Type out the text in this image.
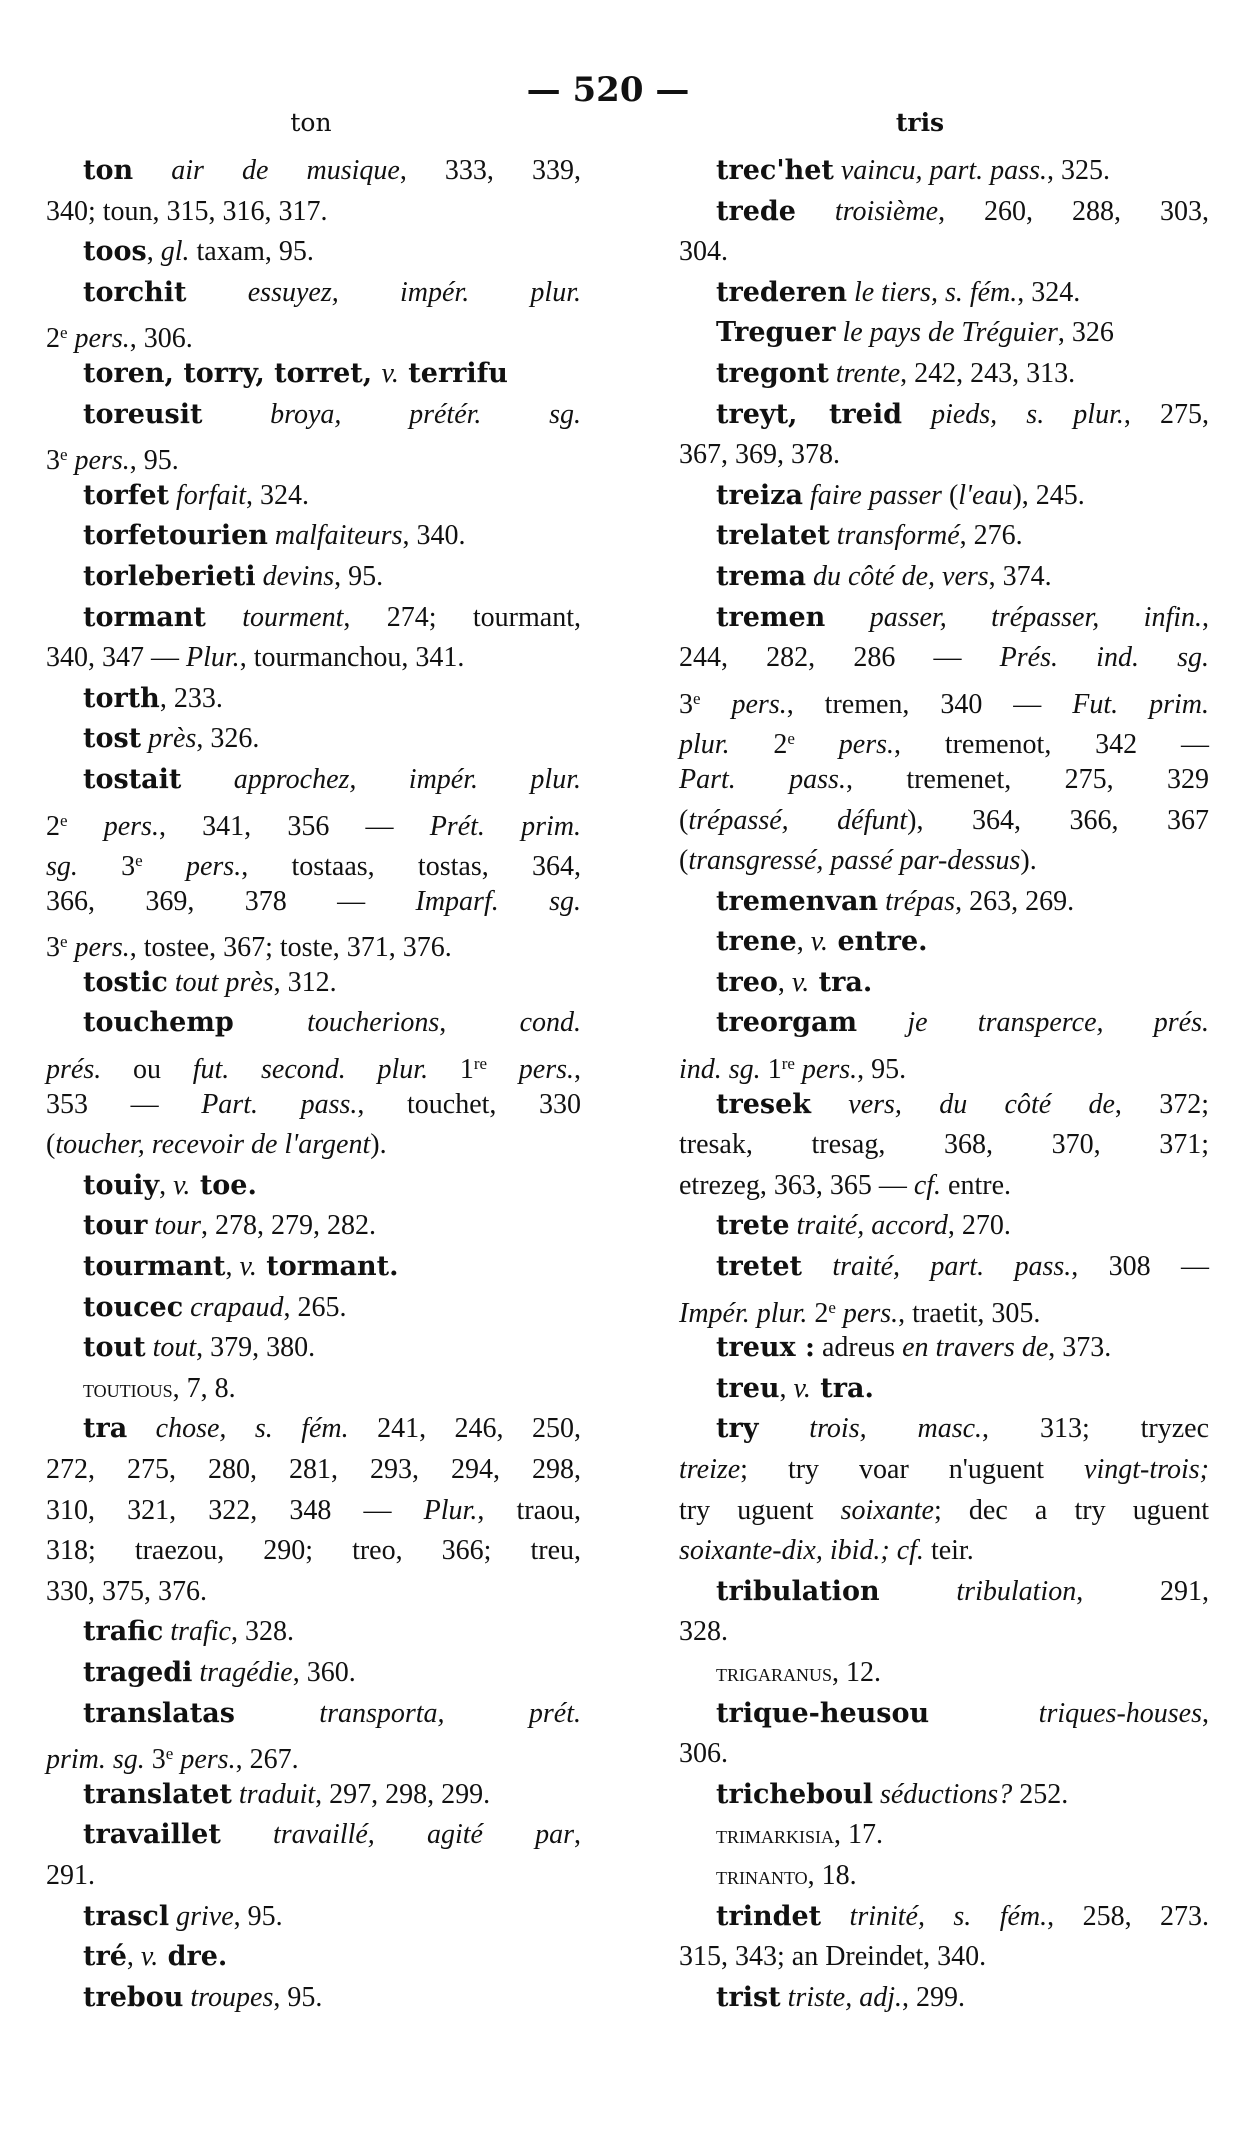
— 520 —
ton	tris
ton air de musique, 333, 339,
340; toun, 315, 316, 317.
toos, gl. taxam, 95.
torchit essuyez, impér. plur.
2e pers., 306.
toren, torry, torret, v. terrifu
toreusit broya, prétér. sg.
3e pers., 95.
torfet forfait, 324.
torfetourien malfaiteurs, 340.
torleberieti devins, 95.
tormant tourment, 274; tourmant,
340, 347 — Plur., tourmanchou, 341.
torth, 233.
tost près, 326.
tostait approchez, impér. plur.
2e pers., 341, 356 — Prét. prim.
sg. 3e pers., tostaas, tostas, 364,
366, 369, 378 — Imparf. sg.
3e pers., tostee, 367; toste, 371, 376.
tostic tout près, 312.
touchemp toucherions, cond.
prés. ou fut. second. plur. 1re pers.,
353 — Part. pass., touchet, 330
(toucher, recevoir de l'argent).
touiy, v. toe.
tour tour, 278, 279, 282.
tourmant, v. tormant.
toucec crapaud, 265.
tout tout, 379, 380.
toutious, 7, 8.
tra chose, s. fém. 241, 246, 250,
272, 275, 280, 281, 293, 294, 298,
310, 321, 322, 348 — Plur., traou,
318; traezou, 290; treo, 366; treu,
330, 375, 376.
trafic trafic, 328.
tragedi tragédie, 360.
translatas transporta, prét.
prim. sg. 3e pers., 267.
translatet traduit, 297, 298, 299.
travaillet travaillé, agité par,
291.
trascl grive, 95.
tré, v. dre.
trebou troupes, 95.
trec'het vaincu, part. pass., 325.
trede troisième, 260, 288, 303,
304.
trederen le tiers, s. fém., 324.
Treguer le pays de Tréguier, 326
tregont trente, 242, 243, 313.
treyt, treid pieds, s. plur., 275,
367, 369, 378.
treiza faire passer (l'eau), 245.
trelatet transformé, 276.
trema du côté de, vers, 374.
tremen passer, trépasser, infin.,
244, 282, 286 — Prés. ind. sg.
3e pers., tremen, 340 — Fut. prim.
plur. 2e pers., tremenot, 342 —
Part. pass., tremenet, 275, 329
(trépassé, défunt), 364, 366, 367
(transgressé, passé par-dessus).
tremenvan trépas, 263, 269.
trene, v. entre.
treo, v. tra.
treorgam je transperce, prés.
ind. sg. 1re pers., 95.
tresek vers, du côté de, 372;
tresak, tresag, 368, 370, 371;
etrezeg, 363, 365 — cf. entre.
trete traité, accord, 270.
tretet traité, part. pass., 308 —
Impér. plur. 2e pers., traetit, 305.
treux : adreus en travers de, 373.
treu, v. tra.
try trois, masc., 313; tryzec
treize; try voar n'uguent vingt-trois;
try uguent soixante; dec a try uguent
soixante-dix, ibid.; cf. teir.
tribulation tribulation, 291,
328.
trigaranus, 12.
trique-heusou triques-houses,
306.
tricheboul séductions? 252.
trimarkisia, 17.
trinanto, 18.
trindet trinité, s. fém., 258, 273.
315, 343; an Dreindet, 340.
trist triste, adj., 299.
